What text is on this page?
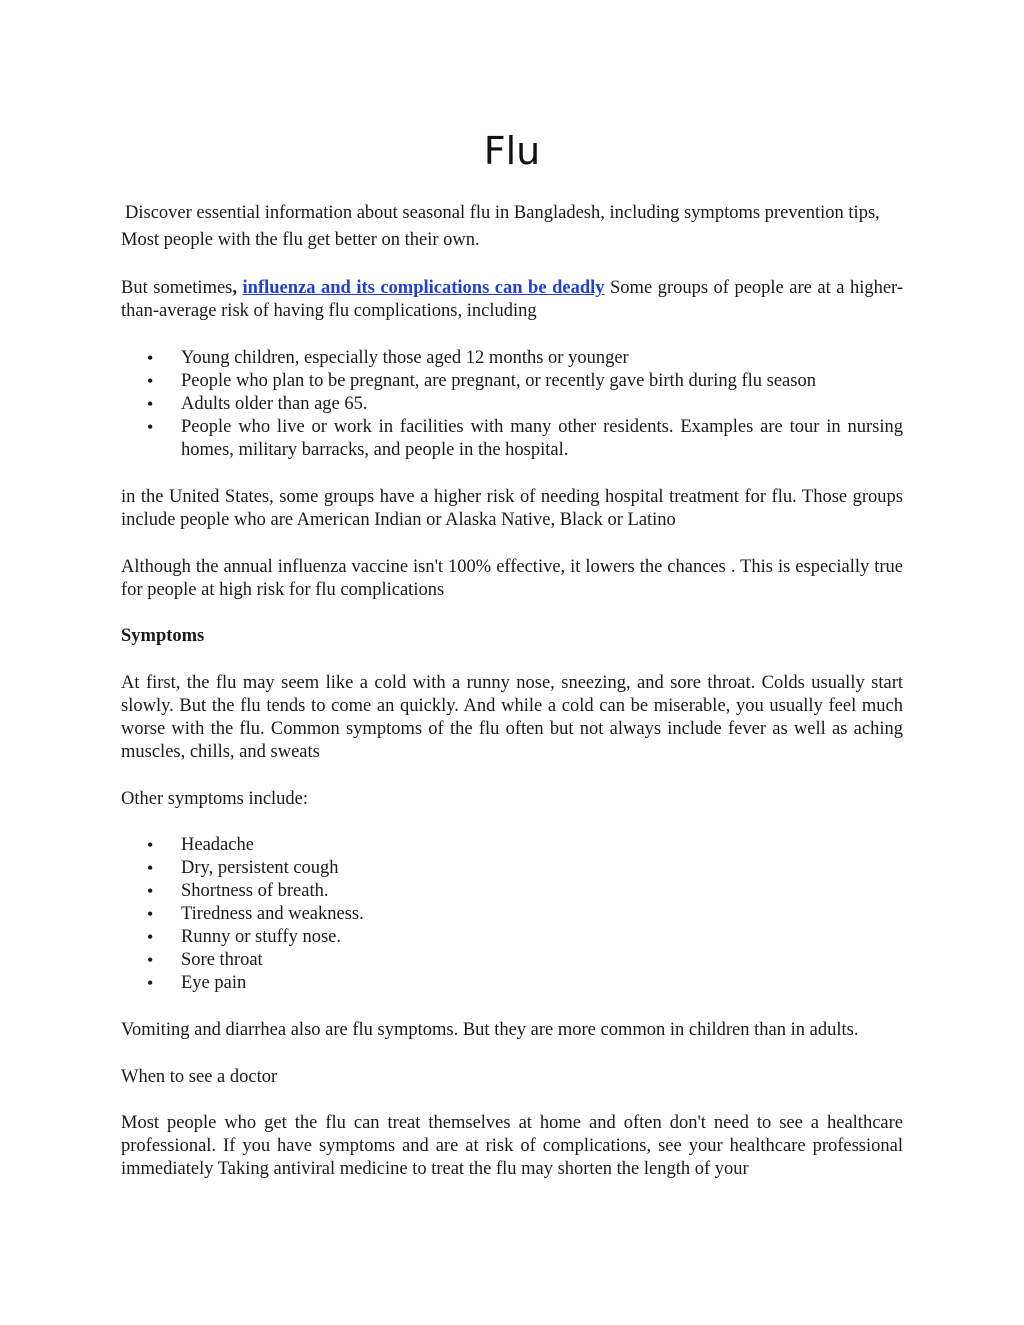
Flu

Discover essential information about seasonal flu in Bangladesh, including symptoms prevention tips, Most people with the flu get better on their own.

But sometimes, influenza and its complications can be deadly Some groups of people are at a higher-than-average risk of having flu complications, including

• Young children, especially those aged 12 months or younger
• People who plan to be pregnant, are pregnant, or recently gave birth during flu season
• Adults older than age 65.
• People who live or work in facilities with many other residents. Examples are tour in nursing homes, military barracks, and people in the hospital.

in the United States, some groups have a higher risk of needing hospital treatment for flu. Those groups include people who are American Indian or Alaska Native, Black or Latino

Although the annual influenza vaccine isn't 100% effective, it lowers the chances . This is especially true for people at high risk for flu complications

Symptoms

At first, the flu may seem like a cold with a runny nose, sneezing, and sore throat. Colds usually start slowly. But the flu tends to come an quickly. And while a cold can be miserable, you usually feel much worse with the flu. Common symptoms of the flu often but not always include fever as well as aching muscles, chills, and sweats

Other symptoms include:

• Headache
• Dry, persistent cough
• Shortness of breath.
• Tiredness and weakness.
• Runny or stuffy nose.
• Sore throat
• Eye pain

Vomiting and diarrhea also are flu symptoms. But they are more common in children than in adults.

When to see a doctor

Most people who get the flu can treat themselves at home and often don't need to see a healthcare professional. If you have symptoms and are at risk of complications, see your healthcare professional immediately Taking antiviral medicine to treat the flu may shorten the length of your
